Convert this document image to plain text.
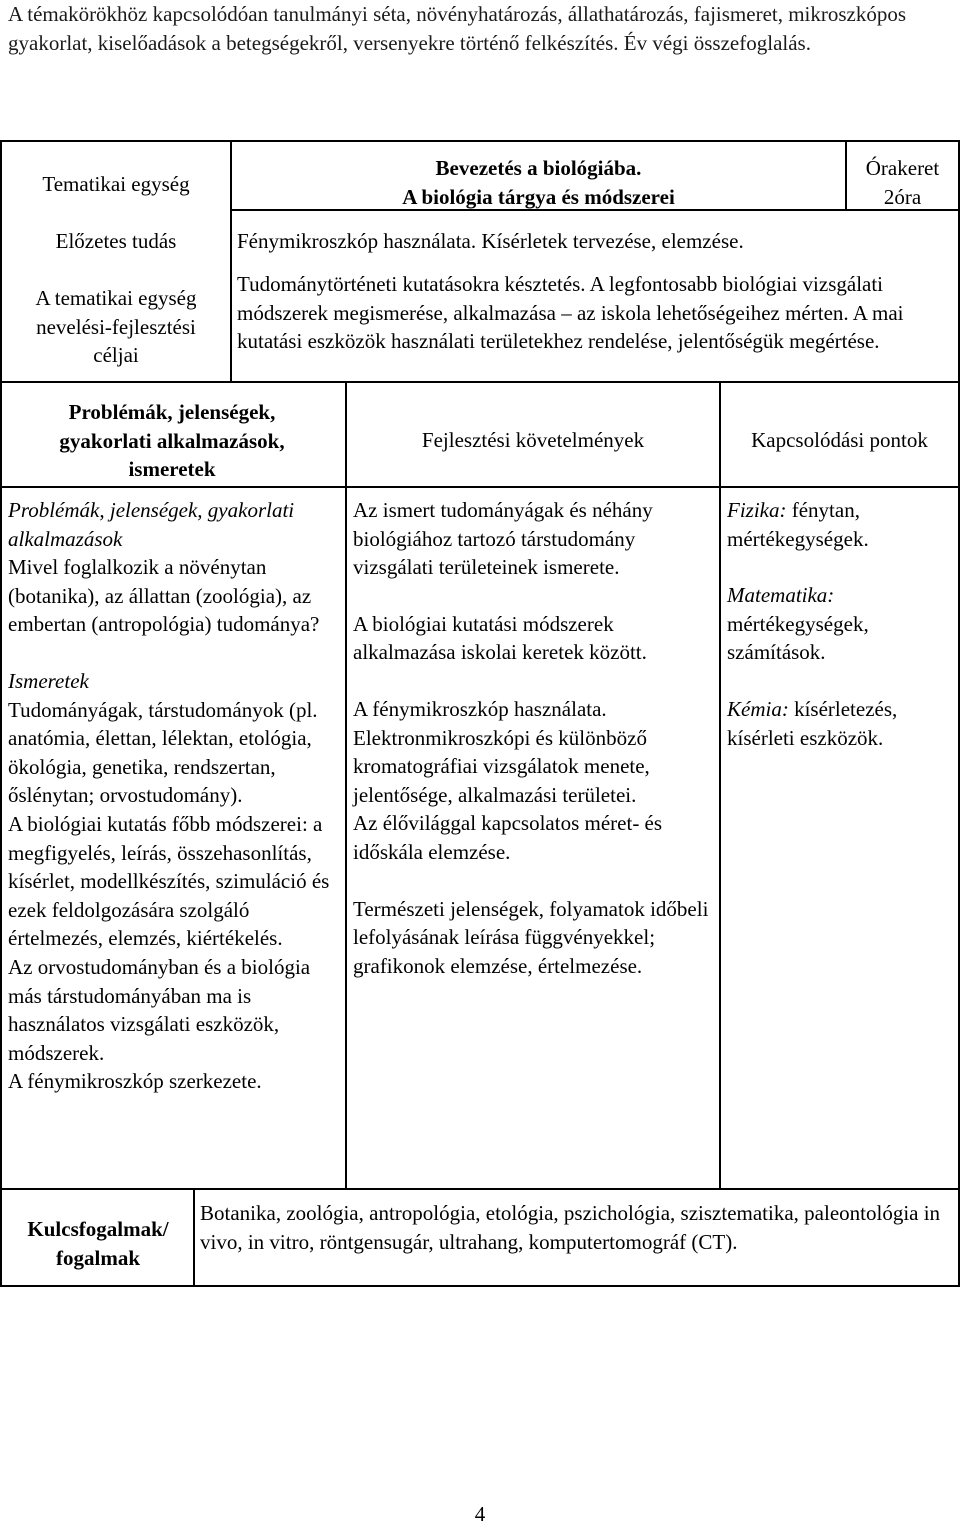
A témakörökhöz kapcsolódóan tanulmányi séta, növényhatározás, állathatározás, fajismeret, mikroszkópos gyakorlat, kiselőadások a betegségekről, versenyekre történő felkészítés. Év végi összefoglalás.
Tematikai egység

Bevezetés a biológiába.

A biológia tárgya és módszerei

Órakeret

2óra

Előzetes tudás	Fénymikroszkóp használata. Kísérletek tervezése, elemzése.
A tematikai egység nevelési-fejlesztési céljai
Tudománytörténeti kutatásokra késztetés. A legfontosabb biológiai vizsgálati módszerek megismerése, alkalmazása – az iskola lehetőségeihez mérten. A mai kutatási eszközök használati területekhez rendelése, jelentőségük megértése.
Problémák, jelenségek, gyakorlati alkalmazások, ismeretek
Fejlesztési követelmények	Kapcsolódási pontok

Problémák, jelenségek, gyakorlati alkalmazások

Mivel foglalkozik a növénytan (botanika), az állattan (zoológia), az embertan (antropológia) tudománya?

Ismeretek

Tudományágak, társtudományok (pl. anatómia, élettan, lélektan, etológia, ökológia, genetika, rendszertan, őslénytan; orvostudomány).

A biológiai kutatás főbb módszerei: a megfigyelés, leírás, összehasonlítás, kísérlet, modellkészítés, szimuláció és ezek feldolgozására szolgáló értelmezés, elemzés, kiértékelés.

Az orvostudományban és a biológia más társtudományában ma is használatos vizsgálati eszközök, módszerek.

A fénymikroszkóp szerkezete.

Az ismert tudományágak és néhány biológiához tartozó társtudomány vizsgálati területeinek ismerete.

A biológiai kutatási módszerek alkalmazása iskolai keretek között.

A fénymikroszkóp használata. Elektronmikroszkópi és különböző kromatográfiai vizsgálatok menete, jelentősége, alkalmazási területei.

Az élővilággal kapcsolatos méret- és időskála elemzése.

Természeti jelenségek, folyamatok időbeli lefolyásának leírása függvényekkel; grafikonok elemzése, értelmezése.

Fizika: fénytan, mértékegységek.

Matematika: mértékegységek, számítások.

Kémia: kísérletezés, kísérleti eszközök.

Kulcsfogalmak/ fogalmak
Botanika, zoológia, antropológia, etológia, pszichológia, szisztematika, paleontológia in vivo, in vitro, röntgensugár, ultrahang, komputertomográf (CT).
4
